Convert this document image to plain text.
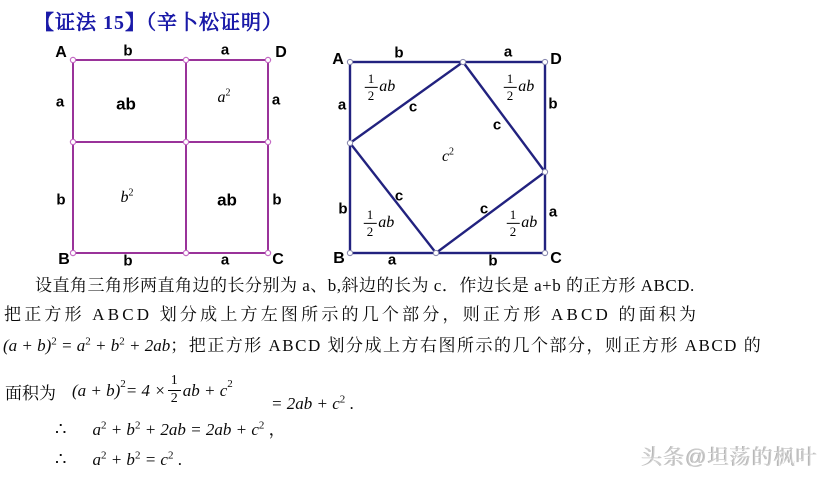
【证法 15】（辛卜松证明）
A	D
B	C
b	a
a
b
a
b
b	a
ab	$a^2$
$b^2$	ab
A	D
B	C
b	a
a
b
b
a
a	b
$\frac{1}{2}$ ab	$\frac{1}{2}$ ab
$\frac{1}{2}$ ab	$\frac{1}{2}$ ab
c
c
c
c
$c^2$
设直角三角形两直角边的长分别为 a、b,斜边的长为 c．作边长是 a+b 的正方形 ABCD.
把正方形 ABCD 划分成上方左图所示的几个部分，则正方形 ABCD 的面积为
$(a + b)^2 = a^2 + b^2 + 2ab$；把正方形 ABCD 划分成上方右图所示的几个部分，则正方形 ABCD 的
面积为 $(a + b)^2 = 4 \times \frac{1}{2}$ ab + $c^2$
= $2ab + c^2$ .
∴ $a^2 + b^2 + 2ab = 2ab + c^2$ ，
∴ $a^2 + b^2 = c^2$ .	头条@坦荡的枫叶
